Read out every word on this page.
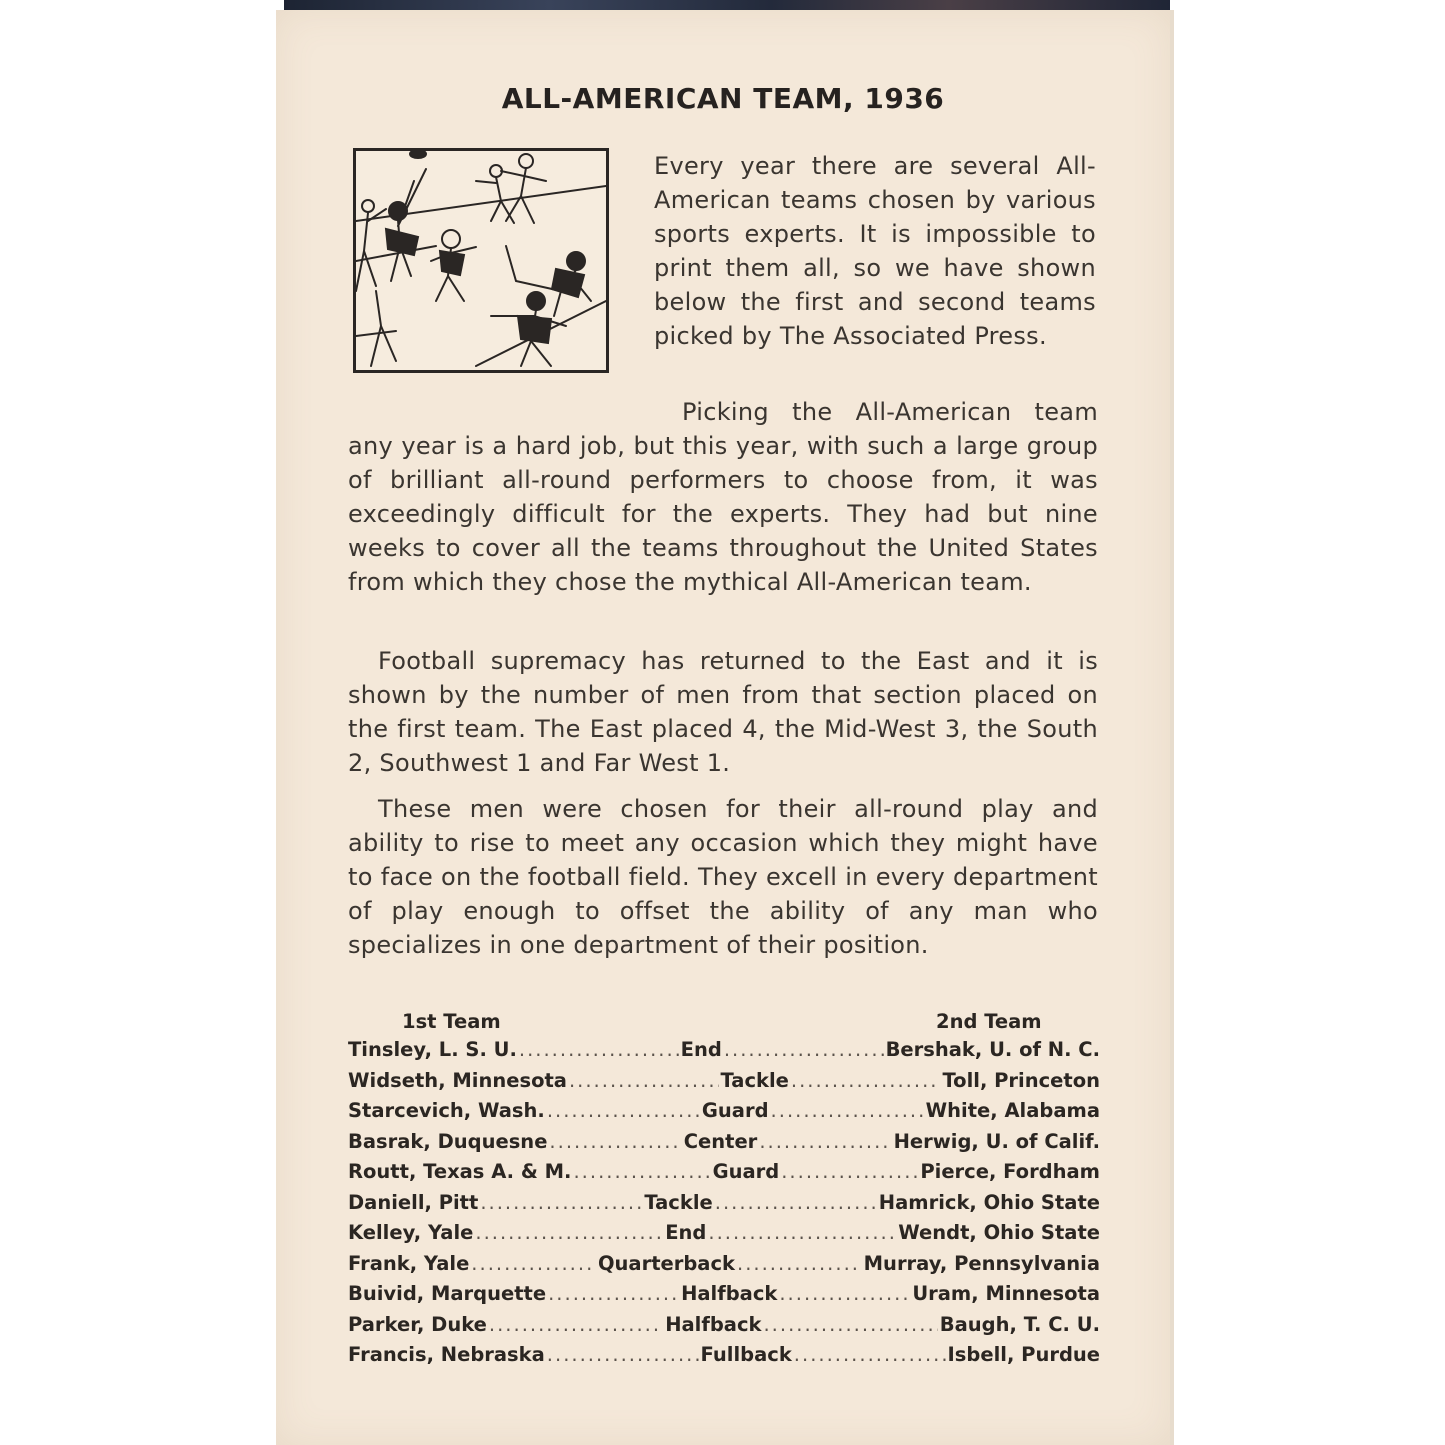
ALL-AMERICAN TEAM, 1936
Every year there are several All-American teams chosen by various sports experts. It is impossible to print them all, so we have shown below the first and second teams picked by The Associated Press.
Picking the All-American team any year is a hard job, but this year, with such a large group of brilliant all-round performers to choose from, it was exceedingly difficult for the experts. They had but nine weeks to cover all the teams throughout the United States from which they chose the mythical All-American team.
Football supremacy has returned to the East and it is shown by the number of men from that section placed on the first team. The East placed 4, the Mid-West 3, the South 2, Southwest 1 and Far West 1.
These men were chosen for their all-round play and ability to rise to meet any occasion which they might have to face on the football field. They excell in every department of play enough to offset the ability of any man who specializes in one department of their position.
1st Team	2nd Team
Tinsley, L. S. U. .....	End .....	Bershak, U. of N. C.
Widseth, Minnesota .....	Tackle .....	Toll, Princeton
Starcevich, Wash. .....	Guard .....	White, Alabama
Basrak, Duquesne .....	Center .....	Herwig, U. of Calif.
Routt, Texas A. & M. .....	Guard .....	Pierce, Fordham
Daniell, Pitt .....	Tackle .....	Hamrick, Ohio State
Kelley, Yale .....	End .....	Wendt, Ohio State
Frank, Yale .....	Quarterback .....	Murray, Pennsylvania
Buivid, Marquette .....	Halfback .....	Uram, Minnesota
Parker, Duke .....	Halfback .....	Baugh, T. C. U.
Francis, Nebraska .....	Fullback .....	Isbell, Purdue
